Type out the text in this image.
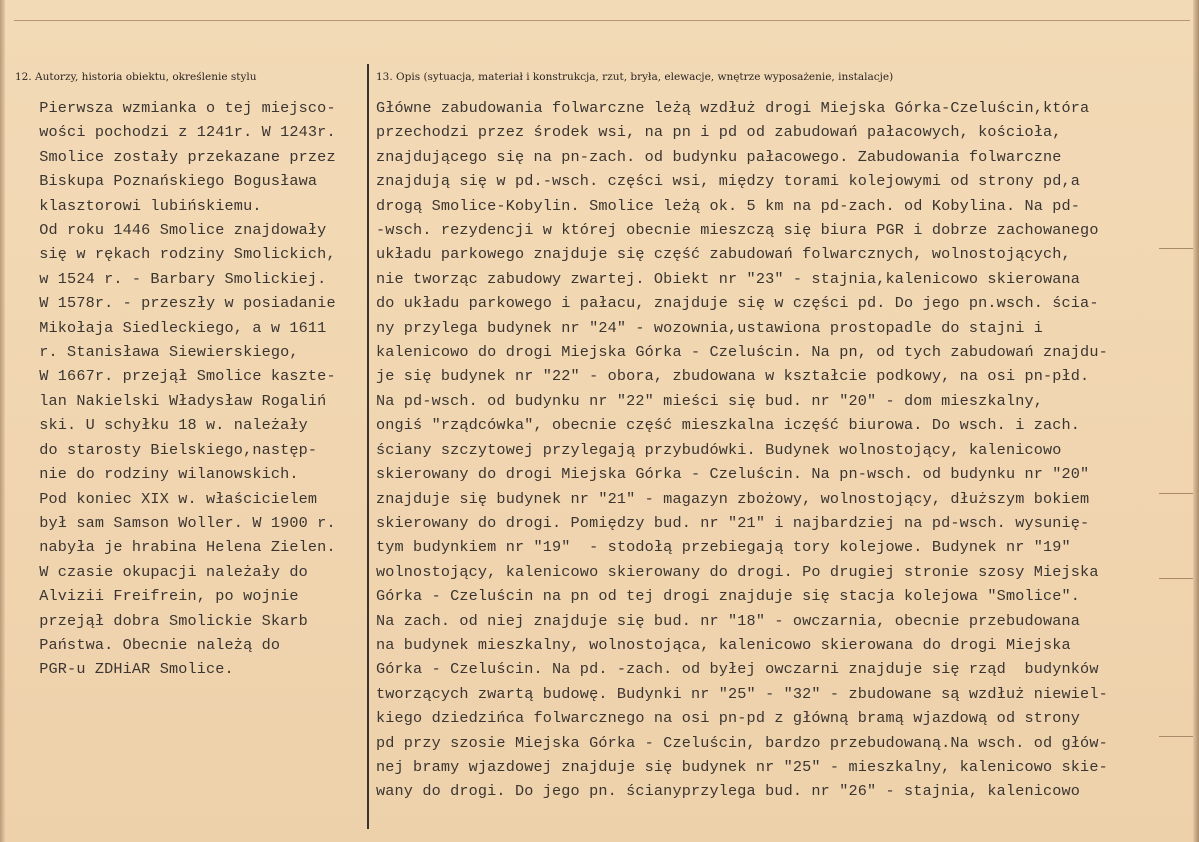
12. Autorzy, historia obiektu, określenie stylu	13. Opis (sytuacja, materiał i konstrukcja, rzut, bryła, elewacje, wnętrze wyposażenie, instalacje)
Pierwsza wzmianka o tej miejsco-
wości pochodzi z 1241r. W 1243r.
Smolice zostały przekazane przez
Biskupa Poznańskiego Bogusławа
klasztorowi lubińskiemu.
Od roku 1446 Smolice znajdowały
się w rękach rodziny Smolickich,
w 1524 r. - Barbary Smolickiej.
W 1578r. - przeszły w posiadanie
Mikołaja Siedleckiego, a w 1611
r. Stanisława Siewierskiego,
W 1667r. przejął Smolice kaszte-
lan Nakielski Władysław Rogaliń
ski. U schyłku 18 w. należały
do starosty Bielskiego,następ-
nie do rodziny wilanowskich.
Pod koniec XIX w. właścicielem
był sam Samson Woller. W 1900 r.
nabyła je hrabina Helena Zielen.
W czasie okupacji należały do
Alvizii Freifrein, po wojnie
przejął dobra Smolickie Skarb
Państwa. Obecnie należą do
PGR-u ZDHiAR Smolice.
Główne zabudowania folwarczne leżą wzdłuż drogi Miejska Górka-Czeluścin,która
przechodzi przez środek wsi, na pn i pd od zabudowań pałacowych, kościoła,
znajdującego się na pn-zach. od budynku pałacowego. Zabudowania folwarczne
znajdują się w pd.-wsch. części wsi, między torami kolejowymi od strony pd,a
drogą Smolice-Kobylin. Smolice leżą ok. 5 km na pd-zach. od Kobylina. Na pd-
-wsch. rezydencji w której obecnie mieszczą się biura PGR i dobrze zachowanego
układu parkowego znajduje się część zabudowań folwarcznych, wolnostojących,
nie tworząc zabudowy zwartej. Obiekt nr "23" - stajnia,kalenicowo skierowana
do układu parkowego i pałacu, znajduje się w części pd. Do jego pn.wsch. ścia-
ny przylega budynek nr "24" - wozownia,ustawiona prostopadle do stajni i
kalenicowo do drogi Miejska Górka - Czeluścin. Na pn, od tych zabudowań znajdu-
je się budynek nr "22" - obora, zbudowana w kształcie podkowy, na osi pn-płd.
Na pd-wsch. od budynku nr "22" mieści się bud. nr "20" - dom mieszkalny,
ongiś "rządcówka", obecnie część mieszkalna iczęść biurowa. Do wsch. i zach.
ściany szczytowej przylegają przybudówki. Budynek wolnostojący, kalenicowo
skierowany do drogi Miejska Górka - Czeluścin. Na pn-wsch. od budynku nr "20"
znajduje się budynek nr "21" - magazyn zbożowy, wolnostojący, dłuższym bokiem
skierowany do drogi. Pomiędzy bud. nr "21" i najbardziej na pd-wsch. wysunię-
tym budynkiem nr "19"  - stodołą przebiegają tory kolejowe. Budynek nr "19"
wolnostojący, kalenicowo skierowany do drogi. Po drugiej stronie szosy Miejska
Górka - Czeluścin na pn od tej drogi znajduje się stacja kolejowa "Smolice".
Na zach. od niej znajduje się bud. nr "18" - owczarnia, obecnie przebudowana
na budynek mieszkalny, wolnostojąca, kalenicowo skierowana do drogi Miejska
Górka - Czeluścin. Na pd. -zach. od byłej owczarni znajduje się rząd  budynków
tworzących zwartą budowę. Budynki nr "25" - "32" - zbudowane są wzdłuż niewiel-
kiego dziedzińca folwarcznego na osi pn-pd z główną bramą wjazdową od strony
pd przy szosie Miejska Górka - Czeluścin, bardzo przebudowaną.Na wsch. od głów-
nej bramy wjazdowej znajduje się budynek nr "25" - mieszkalny, kalenicowo skie-
wany do drogi. Do jego pn. ścianyprzylega bud. nr "26" - stajnia, kalenicowo
